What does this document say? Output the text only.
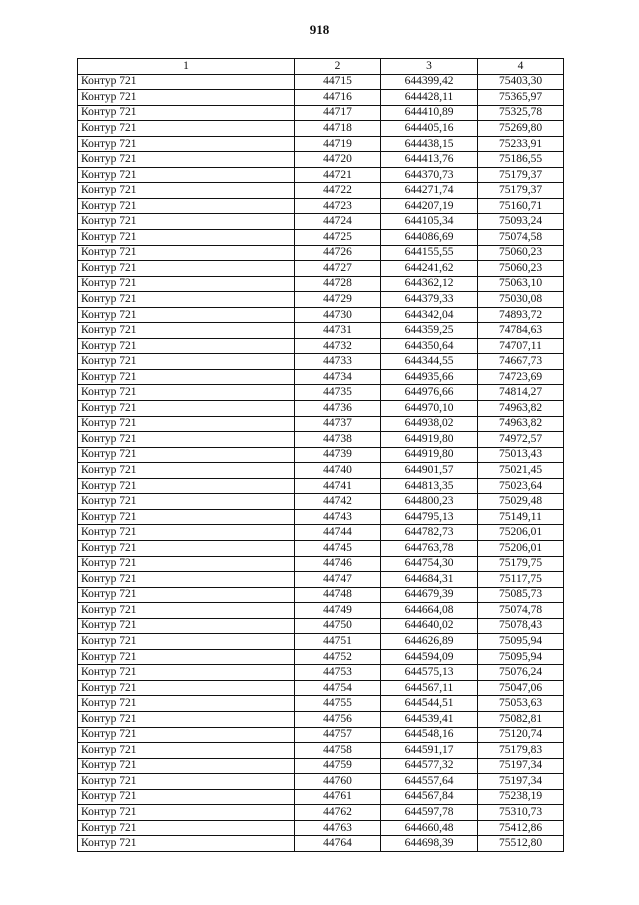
918
1	2	3	4
Контур 721	44715	644399,42	75403,30
Контур 721	44716	644428,11	75365,97
Контур 721	44717	644410,89	75325,78
Контур 721	44718	644405,16	75269,80
Контур 721	44719	644438,15	75233,91
Контур 721	44720	644413,76	75186,55
Контур 721	44721	644370,73	75179,37
Контур 721	44722	644271,74	75179,37
Контур 721	44723	644207,19	75160,71
Контур 721	44724	644105,34	75093,24
Контур 721	44725	644086,69	75074,58
Контур 721	44726	644155,55	75060,23
Контур 721	44727	644241,62	75060,23
Контур 721	44728	644362,12	75063,10
Контур 721	44729	644379,33	75030,08
Контур 721	44730	644342,04	74893,72
Контур 721	44731	644359,25	74784,63
Контур 721	44732	644350,64	74707,11
Контур 721	44733	644344,55	74667,73
Контур 721	44734	644935,66	74723,69
Контур 721	44735	644976,66	74814,27
Контур 721	44736	644970,10	74963,82
Контур 721	44737	644938,02	74963,82
Контур 721	44738	644919,80	74972,57
Контур 721	44739	644919,80	75013,43
Контур 721	44740	644901,57	75021,45
Контур 721	44741	644813,35	75023,64
Контур 721	44742	644800,23	75029,48
Контур 721	44743	644795,13	75149,11
Контур 721	44744	644782,73	75206,01
Контур 721	44745	644763,78	75206,01
Контур 721	44746	644754,30	75179,75
Контур 721	44747	644684,31	75117,75
Контур 721	44748	644679,39	75085,73
Контур 721	44749	644664,08	75074,78
Контур 721	44750	644640,02	75078,43
Контур 721	44751	644626,89	75095,94
Контур 721	44752	644594,09	75095,94
Контур 721	44753	644575,13	75076,24
Контур 721	44754	644567,11	75047,06
Контур 721	44755	644544,51	75053,63
Контур 721	44756	644539,41	75082,81
Контур 721	44757	644548,16	75120,74
Контур 721	44758	644591,17	75179,83
Контур 721	44759	644577,32	75197,34
Контур 721	44760	644557,64	75197,34
Контур 721	44761	644567,84	75238,19
Контур 721	44762	644597,78	75310,73
Контур 721	44763	644660,48	75412,86
Контур 721	44764	644698,39	75512,80
